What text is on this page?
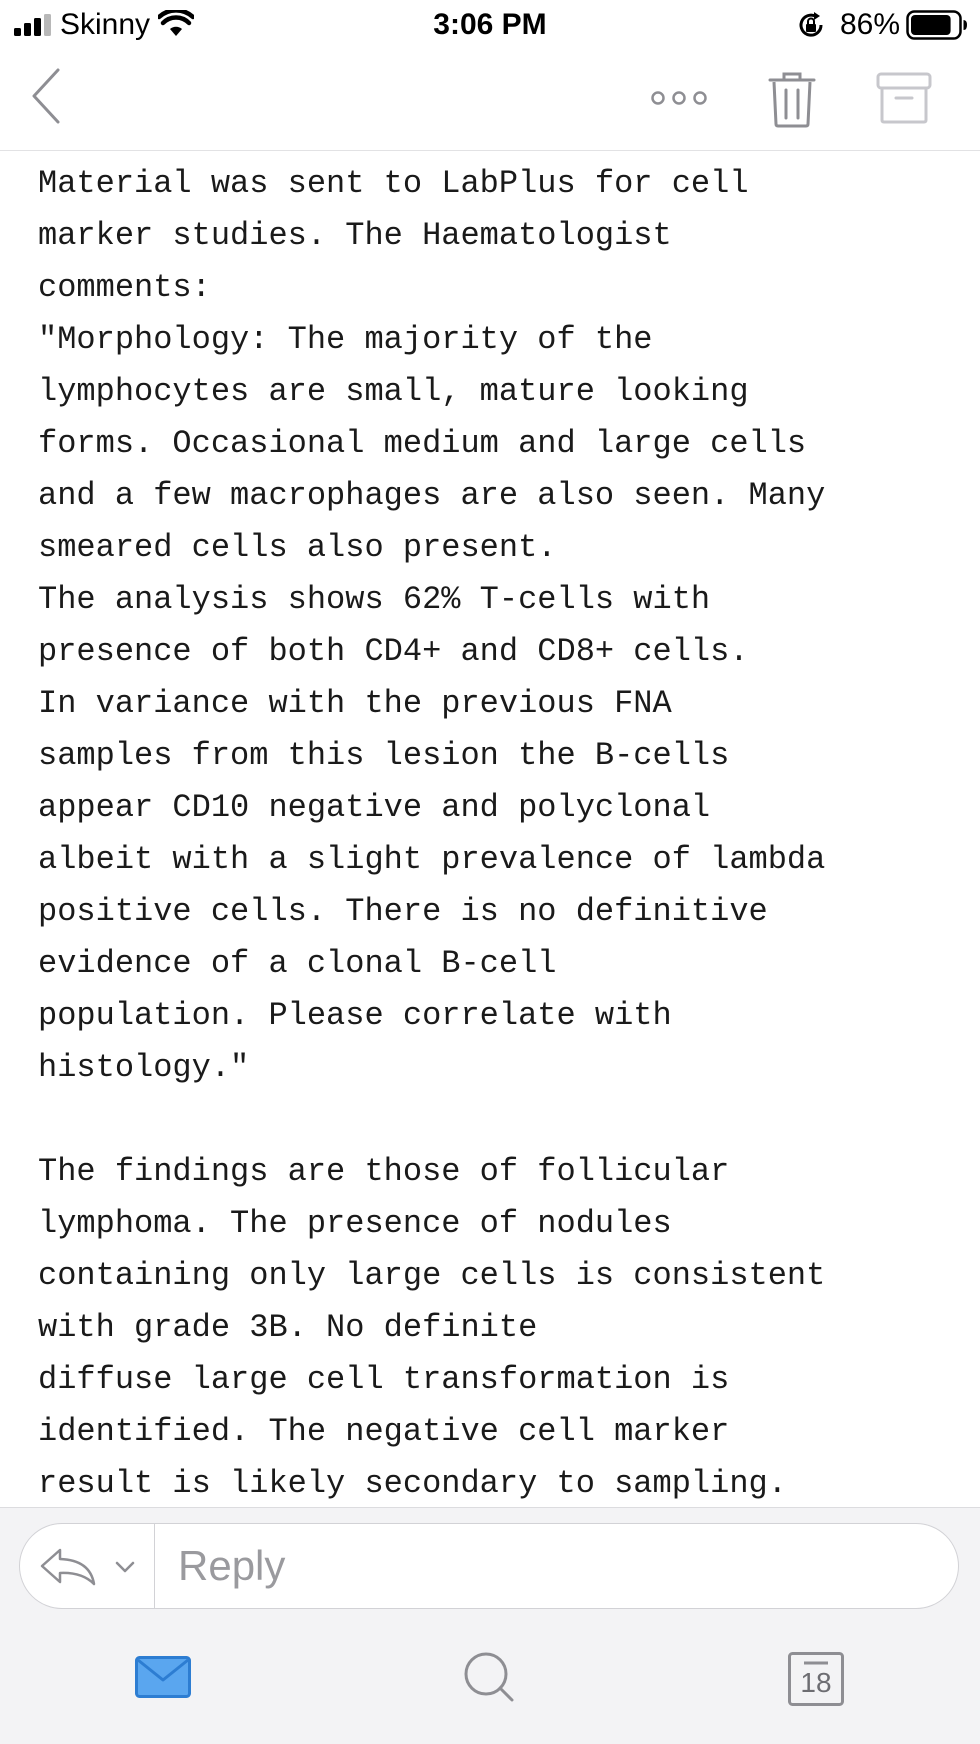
Skinny	3:06 PM	86%
Material was sent to LabPlus for cell
marker studies. The Haematologist
comments:
"Morphology: The majority of the
lymphocytes are small, mature looking
forms. Occasional medium and large cells
and a few macrophages are also seen. Many
smeared cells also present.
The analysis shows 62% T-cells with
presence of both CD4+ and CD8+ cells.
In variance with the previous FNA
samples from this lesion the B-cells
appear CD10 negative and polyclonal
albeit with a slight prevalence of lambda
positive cells. There is no definitive
evidence of a clonal B-cell
population. Please correlate with
histology."
The findings are those of follicular
lymphoma. The presence of nodules
containing only large cells is consistent
with grade 3B. No definite
diffuse large cell transformation is
identified. The negative cell marker
result is likely secondary to sampling.
Reply
18
